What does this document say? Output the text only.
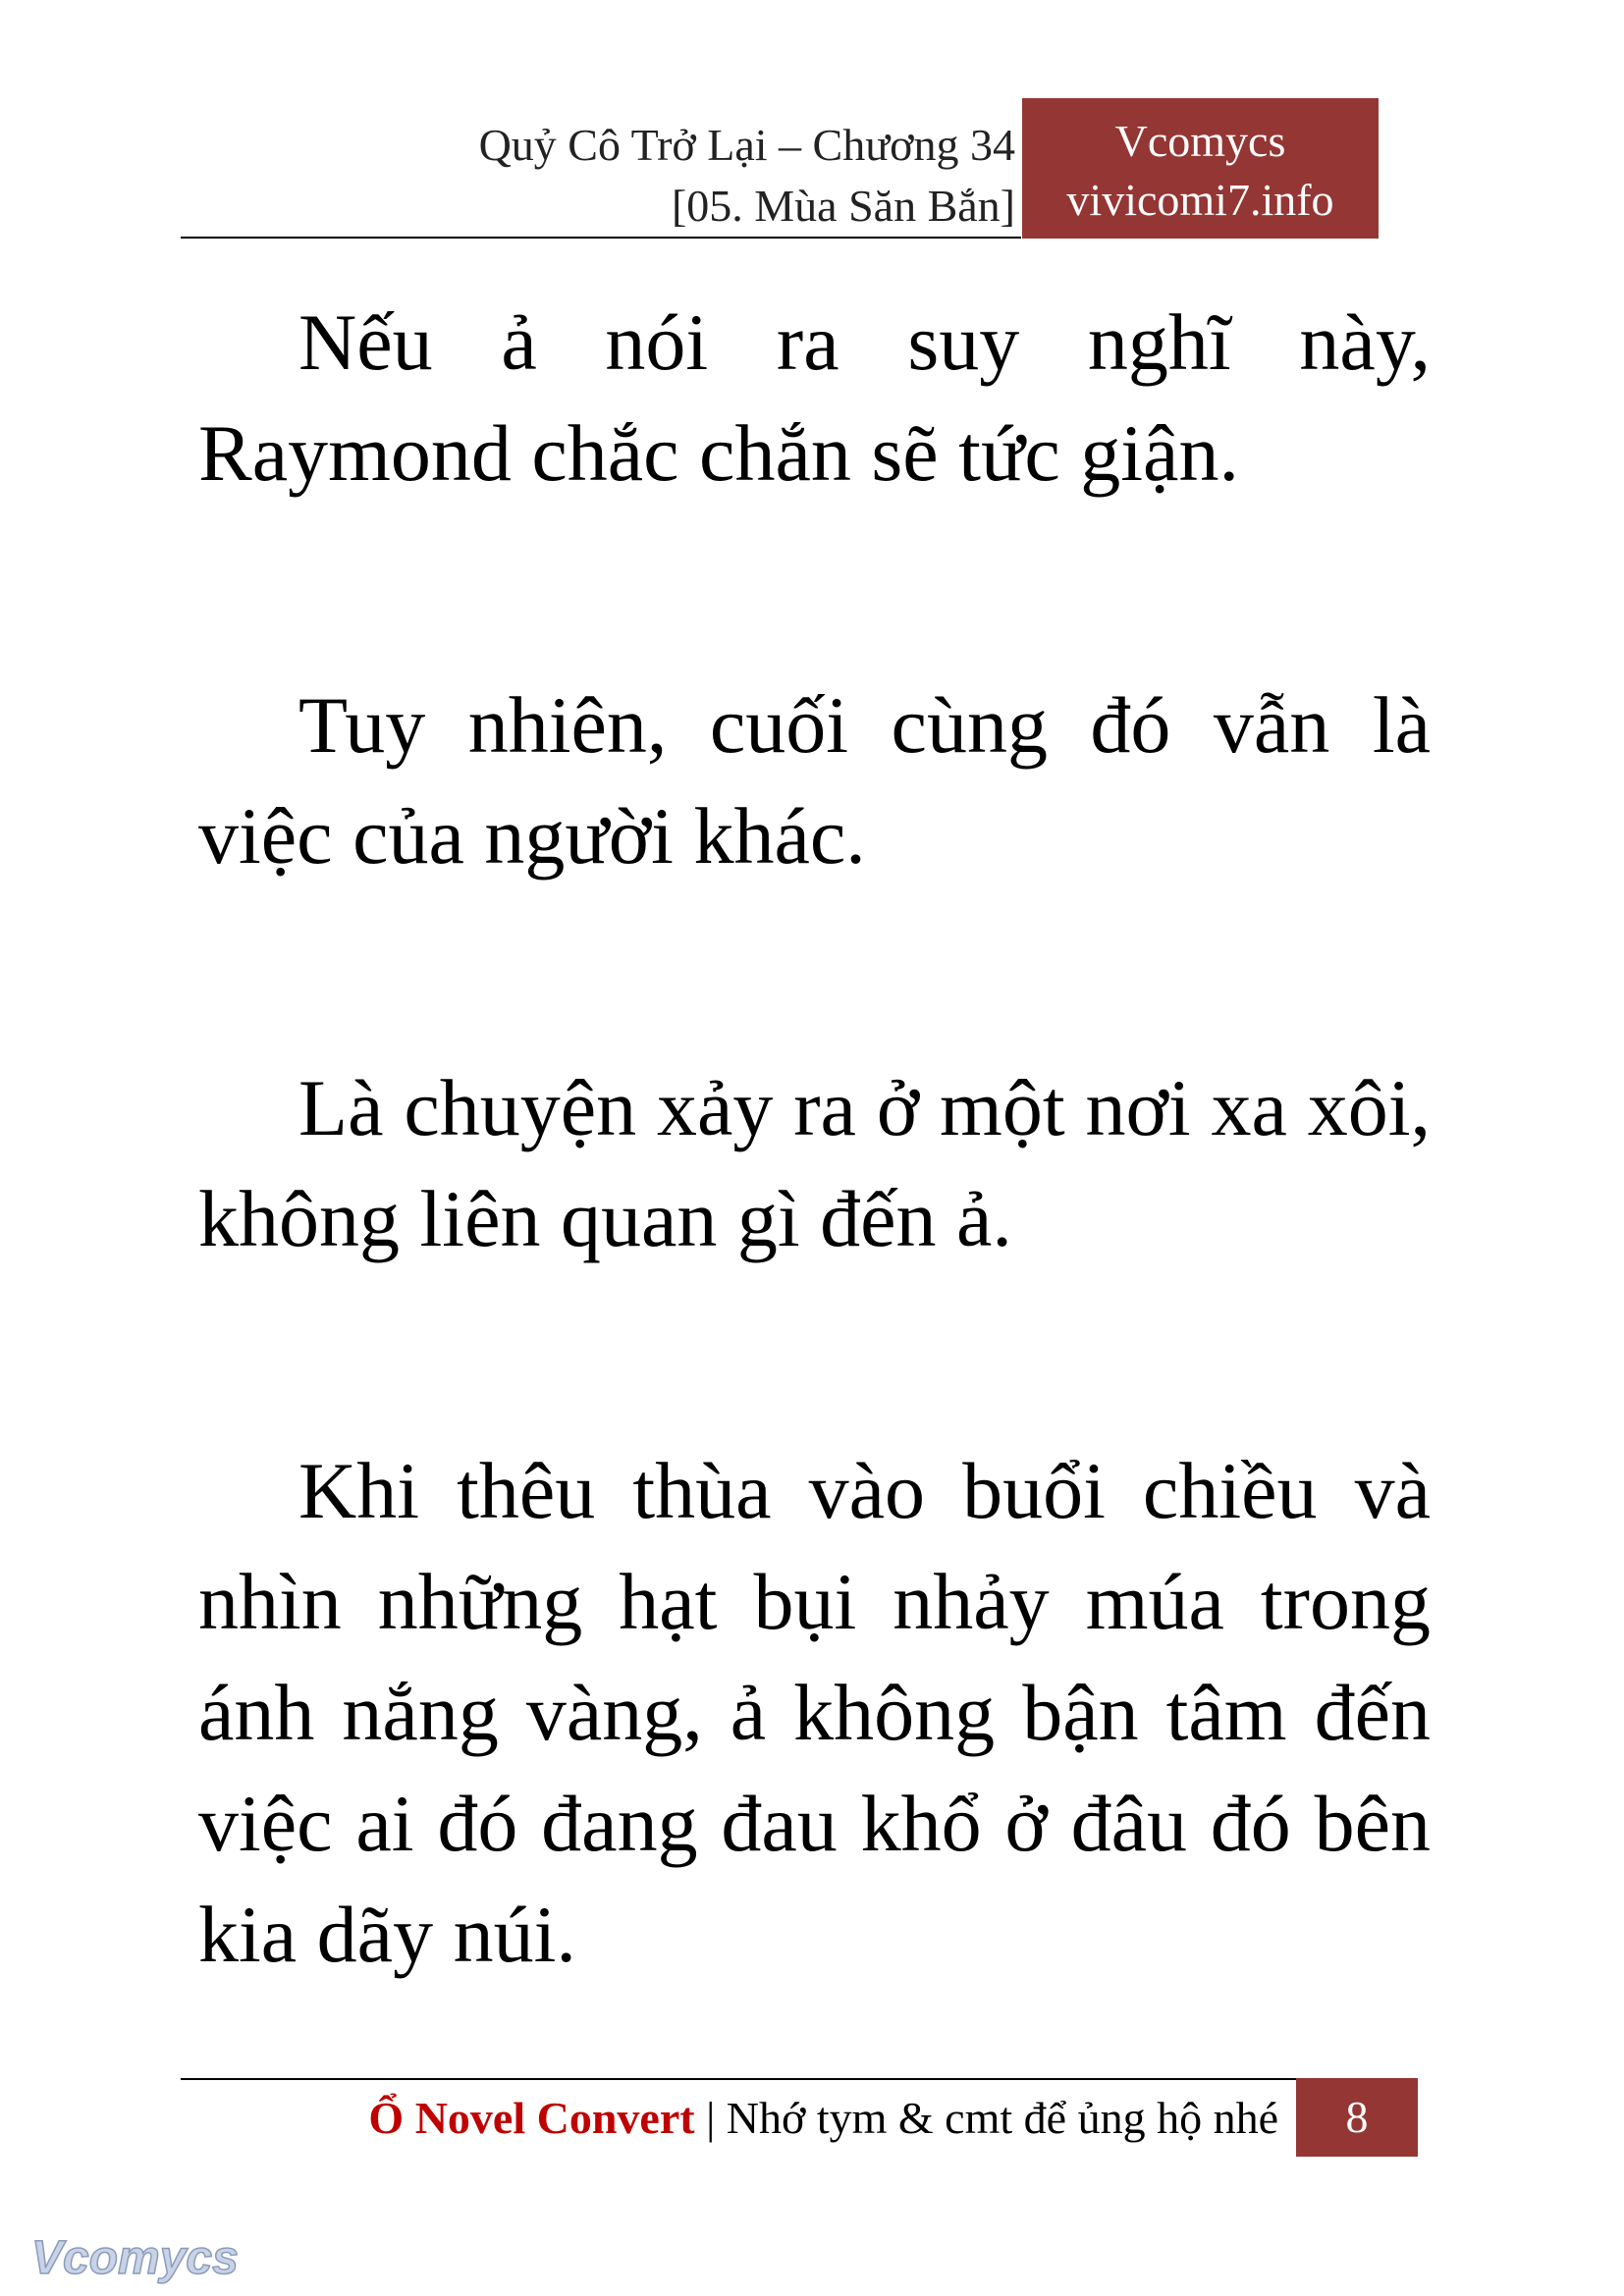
Quỷ Cô Trở Lại – Chương 34
[05. Mùa Săn Bắn]
Vcomycs
vivicomi7.info

Nếu ả nói ra suy nghĩ này, Raymond chắc chắn sẽ tức giận.

Tuy nhiên, cuối cùng đó vẫn là việc của người khác.

Là chuyện xảy ra ở một nơi xa xôi, không liên quan gì đến ả.

Khi thêu thùa vào buổi chiều và nhìn những hạt bụi nhảy múa trong ánh nắng vàng, ả không bận tâm đến việc ai đó đang đau khổ ở đâu đó bên kia dãy núi.

Ổ Novel Convert | Nhớ tym & cmt để ủng hộ nhé	8
Vcomycs
